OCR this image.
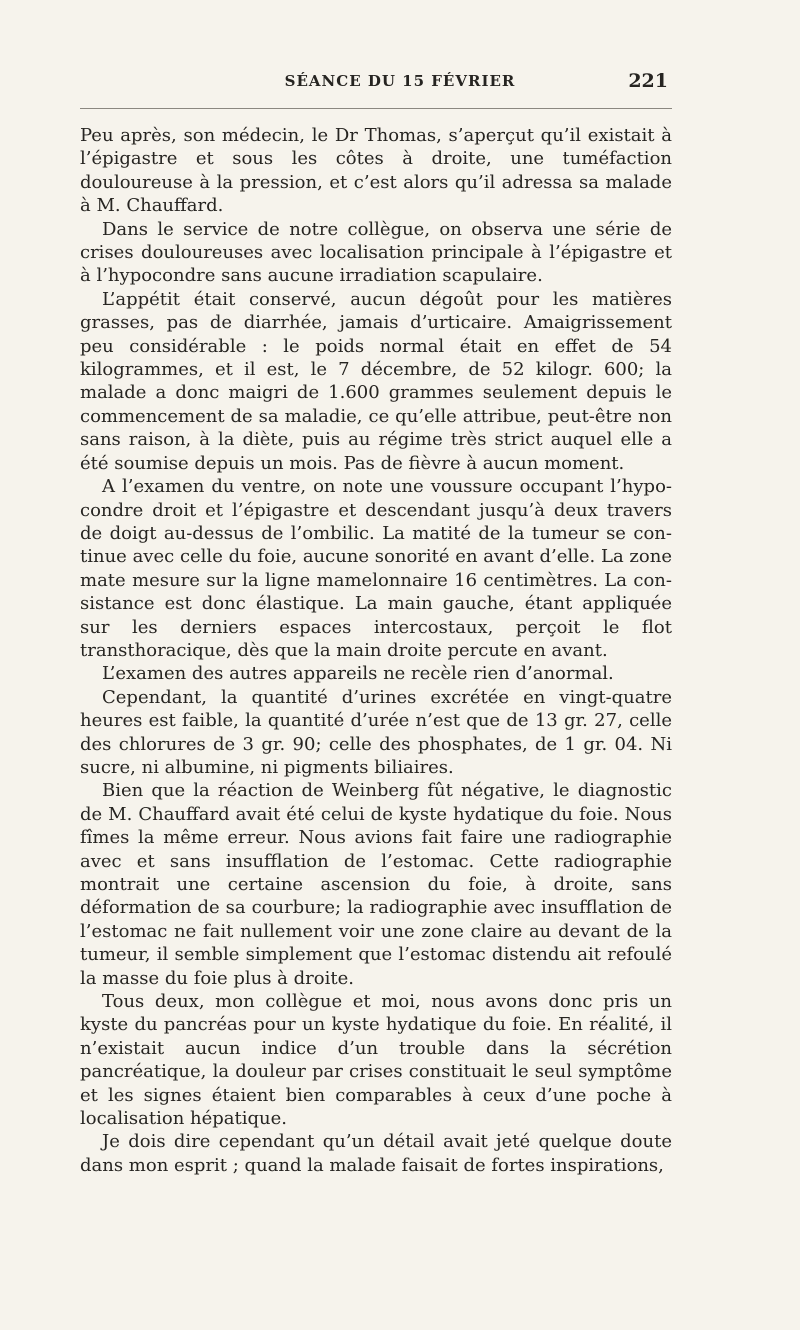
SÉANCE DU 15 FÉVRIER	221

Peu après, son médecin, le Dr Thomas, s’aperçut qu’il existait à l’épigastre et sous les côtes à droite, une tuméfaction douloureuse à la pression, et c’est alors qu’il adressa sa malade à M. Chauffard.

Dans le service de notre collègue, on observa une série de crises douloureuses avec localisation principale à l’épigastre et à l’hypocondre sans aucune irradiation scapulaire.

L’appétit était conservé, aucun dégoût pour les matières grasses, pas de diarrhée, jamais d’urticaire. Amaigrissement peu considérable : le poids normal était en effet de 54 kilogrammes, et il est, le 7 décembre, de 52 kilogr. 600; la malade a donc maigri de 1.600 grammes seulement depuis le commencement de sa maladie, ce qu’elle attribue, peut-être non sans raison, à la diète, puis au régime très strict auquel elle a été soumise depuis un mois. Pas de fièvre à aucun moment.

A l’examen du ventre, on note une voussure occupant l’hypocondre droit et l’épigastre et descendant jusqu’à deux travers de doigt au-dessus de l’ombilic. La matité de la tumeur se continue avec celle du foie, aucune sonorité en avant d’elle. La zone mate mesure sur la ligne mamelonnaire 16 centimètres. La consistance est donc élastique. La main gauche, étant appliquée sur les derniers espaces intercostaux, perçoit le flot transthoracique, dès que la main droite percute en avant.

L’examen des autres appareils ne recèle rien d’anormal.

Cependant, la quantité d’urines excrétée en vingt-quatre heures est faible, la quantité d’urée n’est que de 13 gr. 27, celle des chlorures de 3 gr. 90; celle des phosphates, de 1 gr. 04. Ni sucre, ni albumine, ni pigments biliaires.

Bien que la réaction de Weinberg fût négative, le diagnostic de M. Chauffard avait été celui de kyste hydatique du foie. Nous fîmes la même erreur. Nous avions fait faire une radiographie avec et sans insufflation de l’estomac. Cette radiographie montrait une certaine ascension du foie, à droite, sans déformation de sa courbure; la radiographie avec insufflation de l’estomac ne fait nullement voir une zone claire au devant de la tumeur, il semble simplement que l’estomac distendu ait refoulé la masse du foie plus à droite.

Tous deux, mon collègue et moi, nous avons donc pris un kyste du pancréas pour un kyste hydatique du foie. En réalité, il n’existait aucun indice d’un trouble dans la sécrétion pancréatique, la douleur par crises constituait le seul symptôme et les signes étaient bien comparables à ceux d’une poche à localisation hépatique.

Je dois dire cependant qu’un détail avait jeté quelque doute dans mon esprit ; quand la malade faisait de fortes inspirations,
